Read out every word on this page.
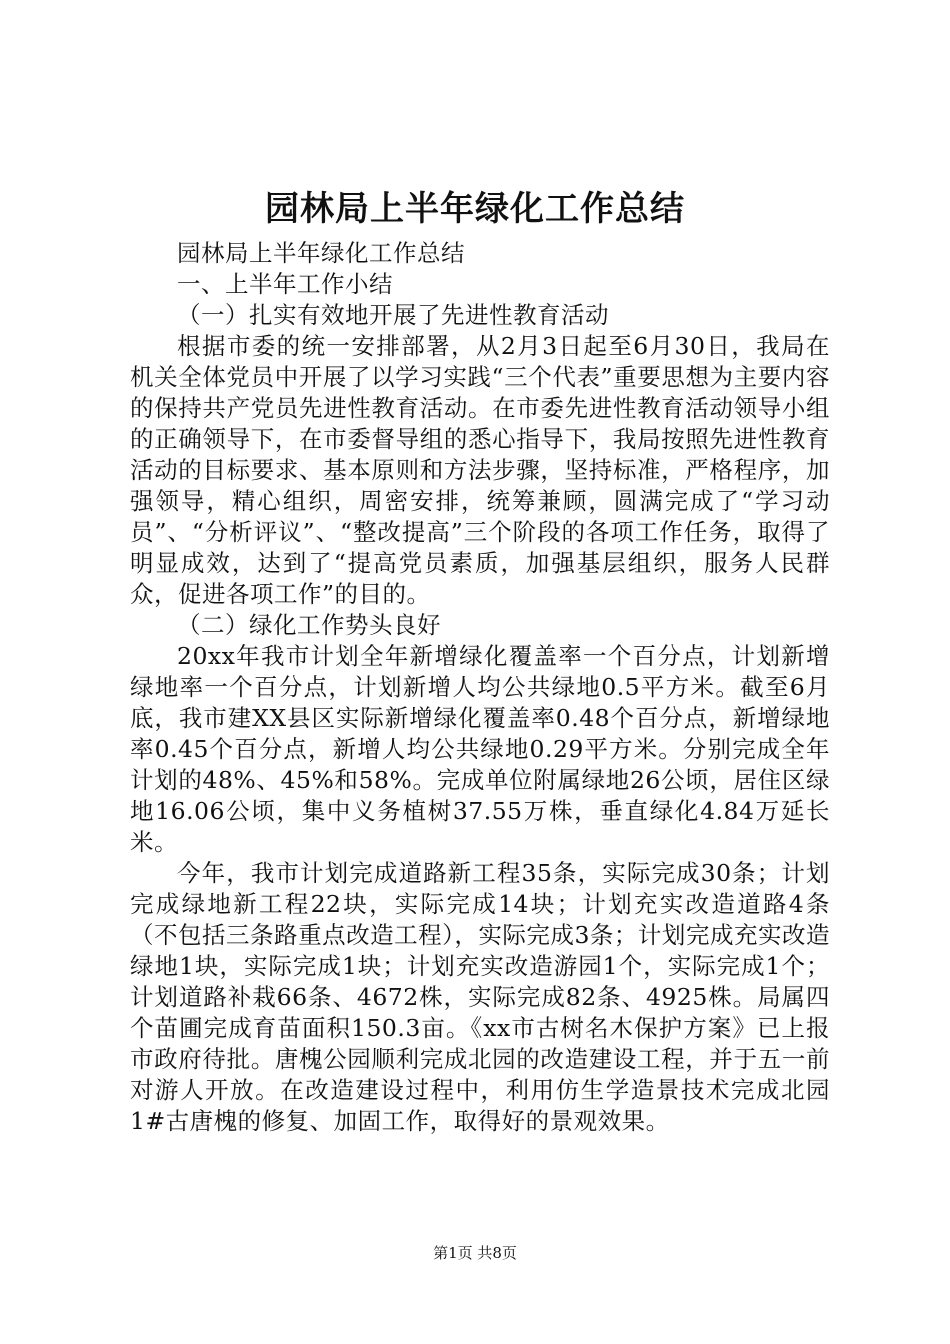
园林局上半年绿化工作总结

园林局上半年绿化工作总结

一、上半年工作小结

（一）扎实有效地开展了先进性教育活动

根据市委的统一安排部署，从2月3日起至6月30日，我局在机关全体党员中开展了以学习实践“三个代表”重要思想为主要内容的保持共产党员先进性教育活动。在市委先进性教育活动领导小组的正确领导下，在市委督导组的悉心指导下，我局按照先进性教育活动的目标要求、基本原则和方法步骤，坚持标准，严格程序，加强领导，精心组织，周密安排，统筹兼顾，圆满完成了“学习动员”、“分析评议”、“整改提高”三个阶段的各项工作任务，取得了明显成效，达到了“提高党员素质，加强基层组织，服务人民群众，促进各项工作”的目的。

（二）绿化工作势头良好

20xx年我市计划全年新增绿化覆盖率一个百分点，计划新增绿地率一个百分点，计划新增人均公共绿地0.5平方米。截至6月底，我市建XX县区实际新增绿化覆盖率0.48个百分点，新增绿地率0.45个百分点，新增人均公共绿地0.29平方米。分别完成全年计划的48%、45%和58%。完成单位附属绿地26公顷，居住区绿地16.06公顷，集中义务植树37.55万株，垂直绿化4.84万延长米。

今年，我市计划完成道路新工程35条，实际完成30条；计划完成绿地新工程22块，实际完成14块；计划充实改造道路4条（不包括三条路重点改造工程），实际完成3条；计划完成充实改造绿地1块，实际完成1块；计划充实改造游园1个，实际完成1个；计划道路补栽66条、4672株，实际完成82条、4925株。局属四个苗圃完成育苗面积150.3亩。《xx市古树名木保护方案》已上报市政府待批。唐槐公园顺利完成北园的改造建设工程，并于五一前对游人开放。在改造建设过程中，利用仿生学造景技术完成北园1#古唐槐的修复、加固工作，取得好的景观效果。

第1页 共8页
